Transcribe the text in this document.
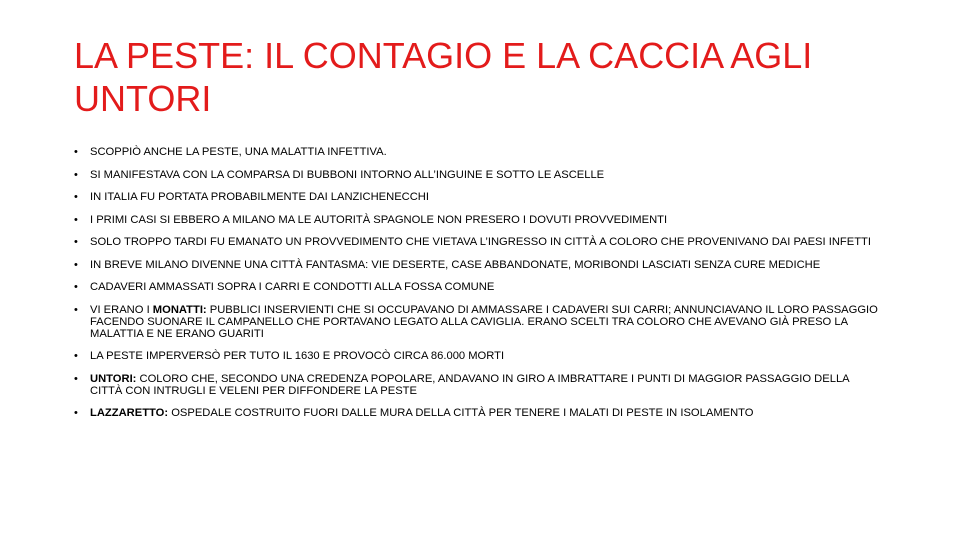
LA PESTE: IL CONTAGIO E LA CACCIA AGLI UNTORI
• SCOPPIÒ ANCHE LA PESTE, UNA MALATTIA INFETTIVA.
• SI MANIFESTAVA CON LA COMPARSA DI BUBBONI INTORNO ALL’INGUINE E SOTTO LE ASCELLE
• IN ITALIA FU PORTATA PROBABILMENTE DAI LANZICHENECCHI
• I PRIMI CASI SI EBBERO A MILANO MA LE AUTORITÀ SPAGNOLE NON PRESERO I DOVUTI PROVVEDIMENTI
• SOLO TROPPO TARDI FU EMANATO UN PROVVEDIMENTO CHE VIETAVA L’INGRESSO IN CITTÀ A COLORO CHE PROVENIVANO DAI PAESI INFETTI
• IN BREVE MILANO DIVENNE UNA CITTÀ FANTASMA: VIE DESERTE, CASE ABBANDONATE, MORIBONDI LASCIATI SENZA CURE MEDICHE
• CADAVERI AMMASSATI SOPRA I CARRI E CONDOTTI ALLA FOSSA COMUNE
• VI ERANO I MONATTI: PUBBLICI INSERVIENTI CHE SI OCCUPAVANO DI AMMASSARE I CADAVERI SUI CARRI; ANNUNCIAVANO IL LORO PASSAGGIO FACENDO SUONARE IL CAMPANELLO CHE PORTAVANO LEGATO ALLA CAVIGLIA. ERANO SCELTI TRA COLORO CHE AVEVANO GIÀ PRESO LA MALATTIA E NE ERANO GUARITI
• LA PESTE IMPERVERSÒ PER TUTO IL 1630 E PROVOCÒ CIRCA 86.000 MORTI
• UNTORI: COLORO CHE, SECONDO UNA CREDENZA POPOLARE, ANDAVANO IN GIRO A IMBRATTARE I PUNTI DI MAGGIOR PASSAGGIO DELLA CITTÀ CON INTRUGLI E VELENI PER DIFFONDERE LA PESTE
• LAZZARETTO: OSPEDALE COSTRUITO FUORI DALLE MURA DELLA CITTÀ PER TENERE I MALATI DI PESTE IN ISOLAMENTO
